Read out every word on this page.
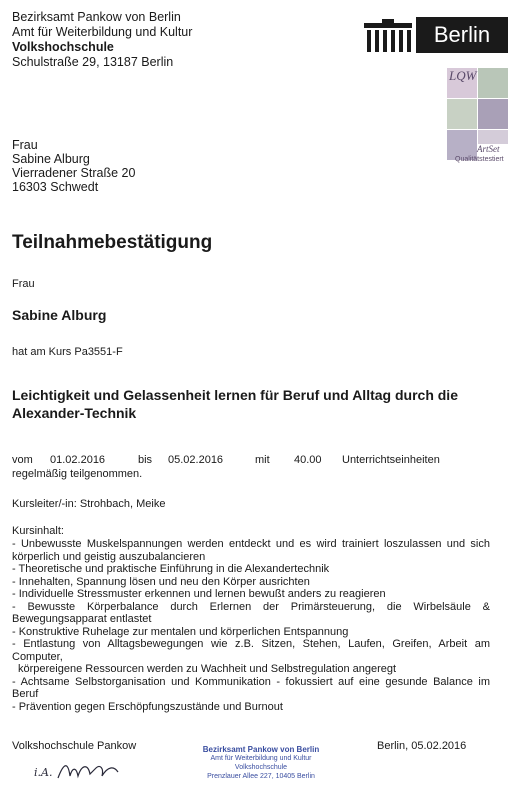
Bezirksamt Pankow von Berlin
Amt für Weiterbildung und Kultur
Volkshochschule
Schulstraße 29, 13187 Berlin
Berlin
LQW
ArtSet
Qualitätstestiert
Frau
Sabine Alburg
Vierradener Straße 20
16303 Schwedt
Teilnahmebestätigung
Frau
Sabine Alburg
hat am Kurs Pa3551-F
Leichtigkeit und Gelassenheit lernen für Beruf und Alltag durch die Alexander-Technik
vom 01.02.2016	bis 05.02.2016	mit 40.00 Unterrichtseinheiten
regelmäßig teilgenommen.
Kursleiter/-in: Strohbach, Meike
Kursinhalt:
- Unbewusste Muskelspannungen werden entdeckt und es wird trainiert loszulassen und sich körperlich und geistig auszubalancieren
- Theoretische und praktische Einführung in die Alexandertechnik
- Innehalten, Spannung lösen und neu den Körper ausrichten
- Individuelle Stressmuster erkennen und lernen bewußt anders zu reagieren
- Bewusste Körperbalance durch Erlernen der Primärsteuerung, die Wirbelsäule & Bewegungsapparat entlastet
- Konstruktive Ruhelage zur mentalen und körperlichen Entspannung
- Entlastung von Alltagsbewegungen wie z.B. Sitzen, Stehen, Laufen, Greifen, Arbeit am Computer,
körpereigene Ressourcen werden zu Wachheit und Selbstregulation angeregt
- Achtsame Selbstorganisation und Kommunikation - fokussiert auf eine gesunde Balance im Beruf
- Prävention gegen Erschöpfungszustände und Burnout
Volkshochschule Pankow	Berlin, 05.02.2016
Bezirksamt Pankow von Berlin
Amt für Weiterbildung und Kultur
Volkshochschule
Prenzlauer Allee 227, 10405 Berlin
i.A.
